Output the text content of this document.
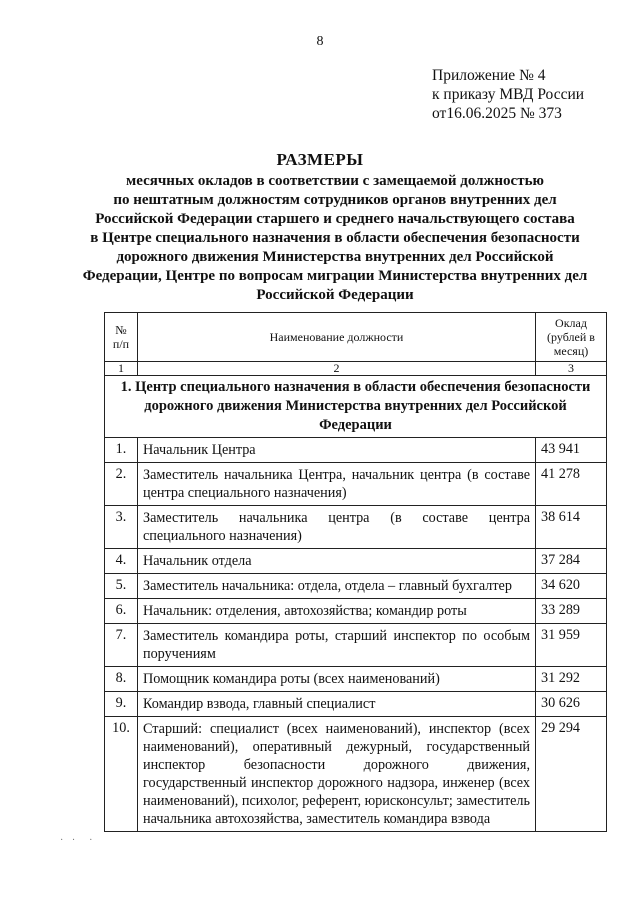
8
Приложение № 4
к приказу МВД России
от16.06.2025 № 373
РАЗМЕРЫ
месячных окладов в соответствии с замещаемой должностью
по нештатным должностям сотрудников органов внутренних дел
Российской Федерации старшего и среднего начальствующего состава
в Центре специального назначения в области обеспечения безопасности
дорожного движения Министерства внутренних дел Российской
Федерации, Центре по вопросам миграции Министерства внутренних дел
Российской Федерации
№ п/п	Наименование должности	Оклад (рублей в месяц)
1	2	3
1. Центр специального назначения в области обеспечения безопасности дорожного движения Министерства внутренних дел Российской Федерации		
1.	Начальник Центра	43 941
2.	Заместитель начальника Центра, начальник центра (в составе центра специального назначения)	41 278
3.	Заместитель начальника центра (в составе центра специального назначения)	38 614
4.	Начальник отдела	37 284
5.	Заместитель начальника: отдела, отдела – главный бухгалтер	34 620
6.	Начальник: отделения, автохозяйства; командир роты	33 289
7.	Заместитель командира роты, старший инспектор по особым поручениям	31 959
8.	Помощник командира роты (всех наименований)	31 292
9.	Командир взвода, главный специалист	30 626
10.	Старший: специалист (всех наименований), инспектор (всех наименований), оперативный дежурный, государственный инспектор безопасности дорожного движения, государственный инспектор дорожного надзора, инженер (всех наименований), психолог, референт, юрисконсульт; заместитель начальника автохозяйства, заместитель командира взвода	29 294
· ·  ·
